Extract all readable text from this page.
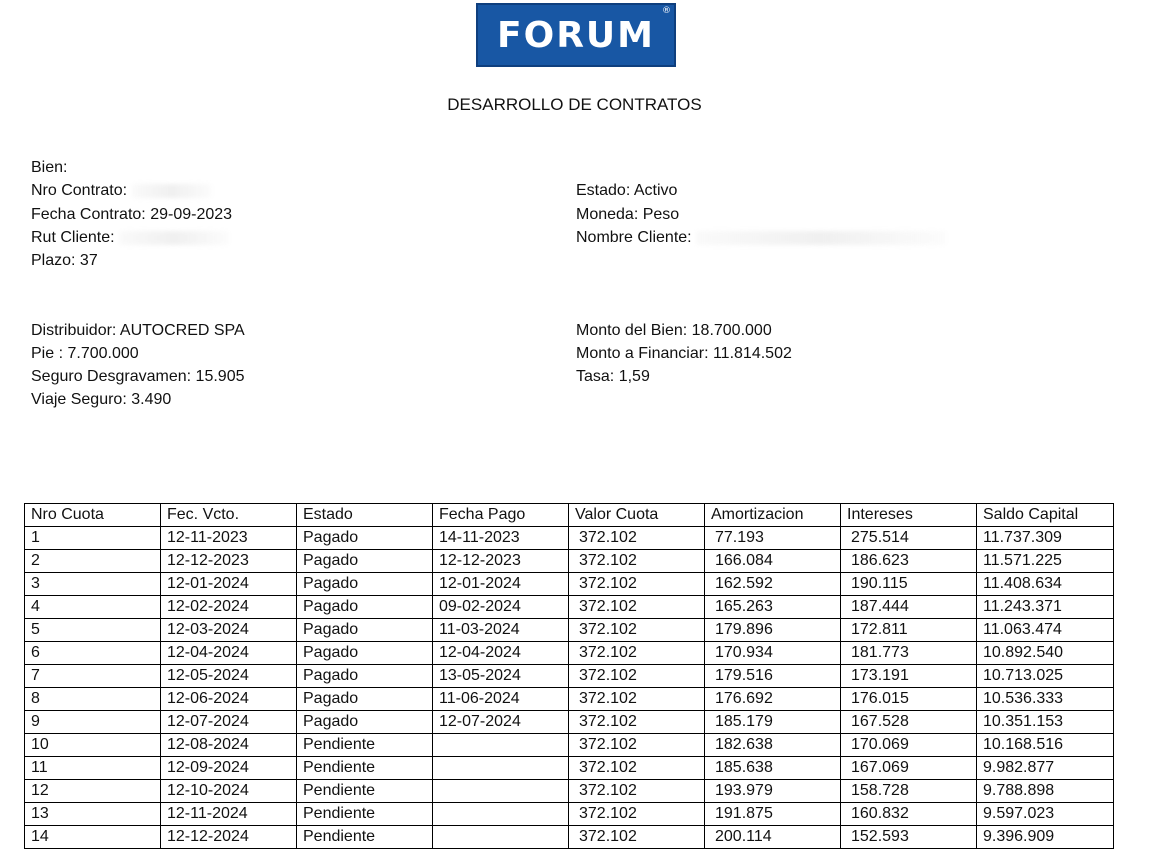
FORUM
®
DESARROLLO DE CONTRATOS
Bien:
Nro Contrato:
Fecha Contrato: 29-09-2023
Rut Cliente:
Plazo: 37
Estado: Activo
Moneda: Peso
Nombre Cliente:
Distribuidor: AUTOCRED SPA
Pie : 7.700.000
Seguro Desgravamen: 15.905
Viaje Seguro: 3.490
Monto del Bien: 18.700.000
Monto a Financiar: 11.814.502
Tasa: 1,59
Nro Cuota	Fec. Vcto.	Estado	Fecha Pago	Valor Cuota	Amortizacion	Intereses	Saldo Capital
1	12-11-2023	Pagado	14-11-2023	372.102	77.193	275.514	11.737.309
2	12-12-2023	Pagado	12-12-2023	372.102	166.084	186.623	11.571.225
3	12-01-2024	Pagado	12-01-2024	372.102	162.592	190.115	11.408.634
4	12-02-2024	Pagado	09-02-2024	372.102	165.263	187.444	11.243.371
5	12-03-2024	Pagado	11-03-2024	372.102	179.896	172.811	11.063.474
6	12-04-2024	Pagado	12-04-2024	372.102	170.934	181.773	10.892.540
7	12-05-2024	Pagado	13-05-2024	372.102	179.516	173.191	10.713.025
8	12-06-2024	Pagado	11-06-2024	372.102	176.692	176.015	10.536.333
9	12-07-2024	Pagado	12-07-2024	372.102	185.179	167.528	10.351.153
10	12-08-2024	Pendiente		372.102	182.638	170.069	10.168.516
11	12-09-2024	Pendiente		372.102	185.638	167.069	9.982.877
12	12-10-2024	Pendiente		372.102	193.979	158.728	9.788.898
13	12-11-2024	Pendiente		372.102	191.875	160.832	9.597.023
14	12-12-2024	Pendiente		372.102	200.114	152.593	9.396.909
